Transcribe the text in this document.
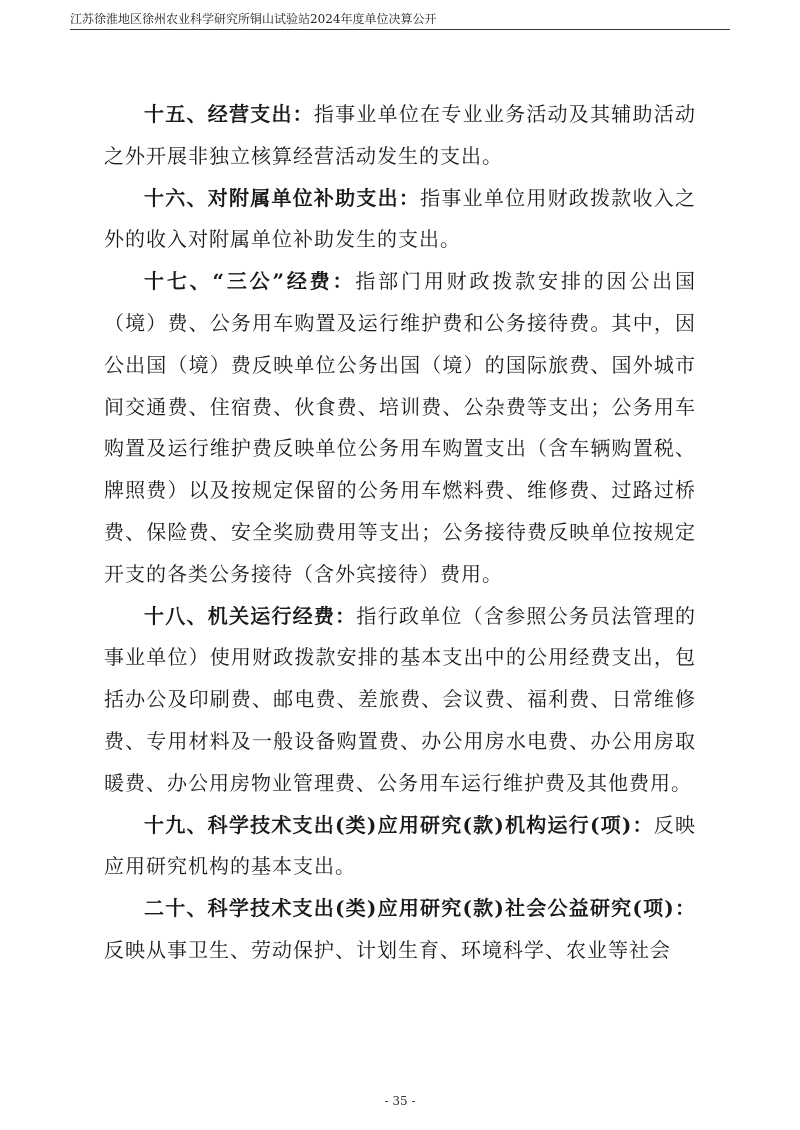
江苏徐淮地区徐州农业科学研究所铜山试验站2024年度单位决算公开

十五、经营支出：指事业单位在专业业务活动及其辅助活动之外开展非独立核算经营活动发生的支出。

十六、对附属单位补助支出：指事业单位用财政拨款收入之外的收入对附属单位补助发生的支出。

十七、“三公”经费：指部门用财政拨款安排的因公出国（境）费、公务用车购置及运行维护费和公务接待费。其中，因公出国（境）费反映单位公务出国（境）的国际旅费、国外城市间交通费、住宿费、伙食费、培训费、公杂费等支出；公务用车购置及运行维护费反映单位公务用车购置支出（含车辆购置税、牌照费）以及按规定保留的公务用车燃料费、维修费、过路过桥费、保险费、安全奖励费用等支出；公务接待费反映单位按规定开支的各类公务接待（含外宾接待）费用。

十八、机关运行经费：指行政单位（含参照公务员法管理的事业单位）使用财政拨款安排的基本支出中的公用经费支出，包括办公及印刷费、邮电费、差旅费、会议费、福利费、日常维修费、专用材料及一般设备购置费、办公用房水电费、办公用房取暖费、办公用房物业管理费、公务用车运行维护费及其他费用。

十九、科学技术支出(类)应用研究(款)机构运行(项)：反映应用研究机构的基本支出。

二十、科学技术支出(类)应用研究(款)社会公益研究(项)：反映从事卫生、劳动保护、计划生育、环境科学、农业等社会

- 35 -
